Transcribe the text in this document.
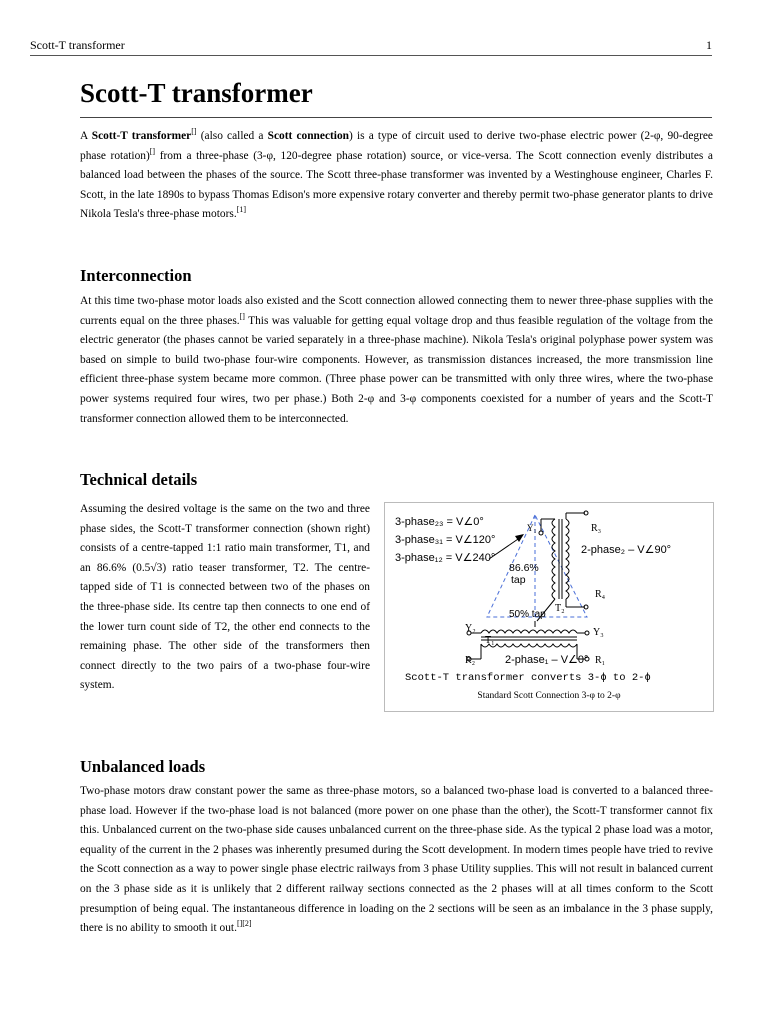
Scott-T transformer	1
Scott-T transformer

A Scott-T transformer[] (also called a Scott connection) is a type of circuit used to derive two-phase electric power (2-φ, 90-degree phase rotation)[] from a three-phase (3-φ, 120-degree phase rotation) source, or vice-versa. The Scott connection evenly distributes a balanced load between the phases of the source. The Scott three-phase transformer was invented by a Westinghouse engineer, Charles F. Scott, in the late 1890s to bypass Thomas Edison's more expensive rotary converter and thereby permit two-phase generator plants to drive Nikola Tesla's three-phase motors.[1]

Interconnection

At this time two-phase motor loads also existed and the Scott connection allowed connecting them to newer three-phase supplies with the currents equal on the three phases.[] This was valuable for getting equal voltage drop and thus feasible regulation of the voltage from the electric generator (the phases cannot be varied separately in a three-phase machine). Nikola Tesla's original polyphase power system was based on simple to build two-phase four-wire components. However, as transmission distances increased, the more transmission line efficient three-phase system became more common. (Three phase power can be transmitted with only three wires, where the two-phase power systems required four wires, two per phase.) Both 2-φ and 3-φ components coexisted for a number of years and the Scott-T transformer connection allowed them to be interconnected.

Technical details

Assuming the desired voltage is the same on the two and three phase sides, the Scott-T transformer connection (shown right) consists of a centre-tapped 1:1 ratio main transformer, T1, and an 86.6% (0.5√3) ratio teaser transformer, T2. The centre-tapped side of T1 is connected between two of the phases on the three-phase side. Its centre tap then connects to one end of the lower turn count side of T2, the other end connects to the remaining phase. The other side of the transformers then connect directly to the two pairs of a two-phase four-wire system.

3-phase₂₃ = V∠0°
3-phase₃₁ = V∠120°
3-phase₁₂ = V∠240°
2-phase₂ – V∠90°
86.6%
tap
50% tap
R₃
R₄
R₂	R₁
Y₁
Y₂	Y₃
T₁
T₂
2-phase₁ – V∠0°
Scott-T transformer converts 3-ϕ to 2-ϕ
Standard Scott Connection 3-φ to 2-φ
Unbalanced loads

Two-phase motors draw constant power the same as three-phase motors, so a balanced two-phase load is converted to a balanced three-phase load. However if the two-phase load is not balanced (more power on one phase than the other), the Scott-T transformer cannot fix this. Unbalanced current on the two-phase side causes unbalanced current on the three-phase side. As the typical 2 phase load was a motor, equality of the current in the 2 phases was inherently presumed during the Scott development. In modern times people have tried to revive the Scott connection as a way to power single phase electric railways from 3 phase Utility supplies. This will not result in balanced current on the 3 phase side as it is unlikely that 2 different railway sections connected as the 2 phases will at all times conform to the Scott presumption of being equal. The instantaneous difference in loading on the 2 sections will be seen as an imbalance in the 3 phase supply, there is no ability to smooth it out.[][2]
